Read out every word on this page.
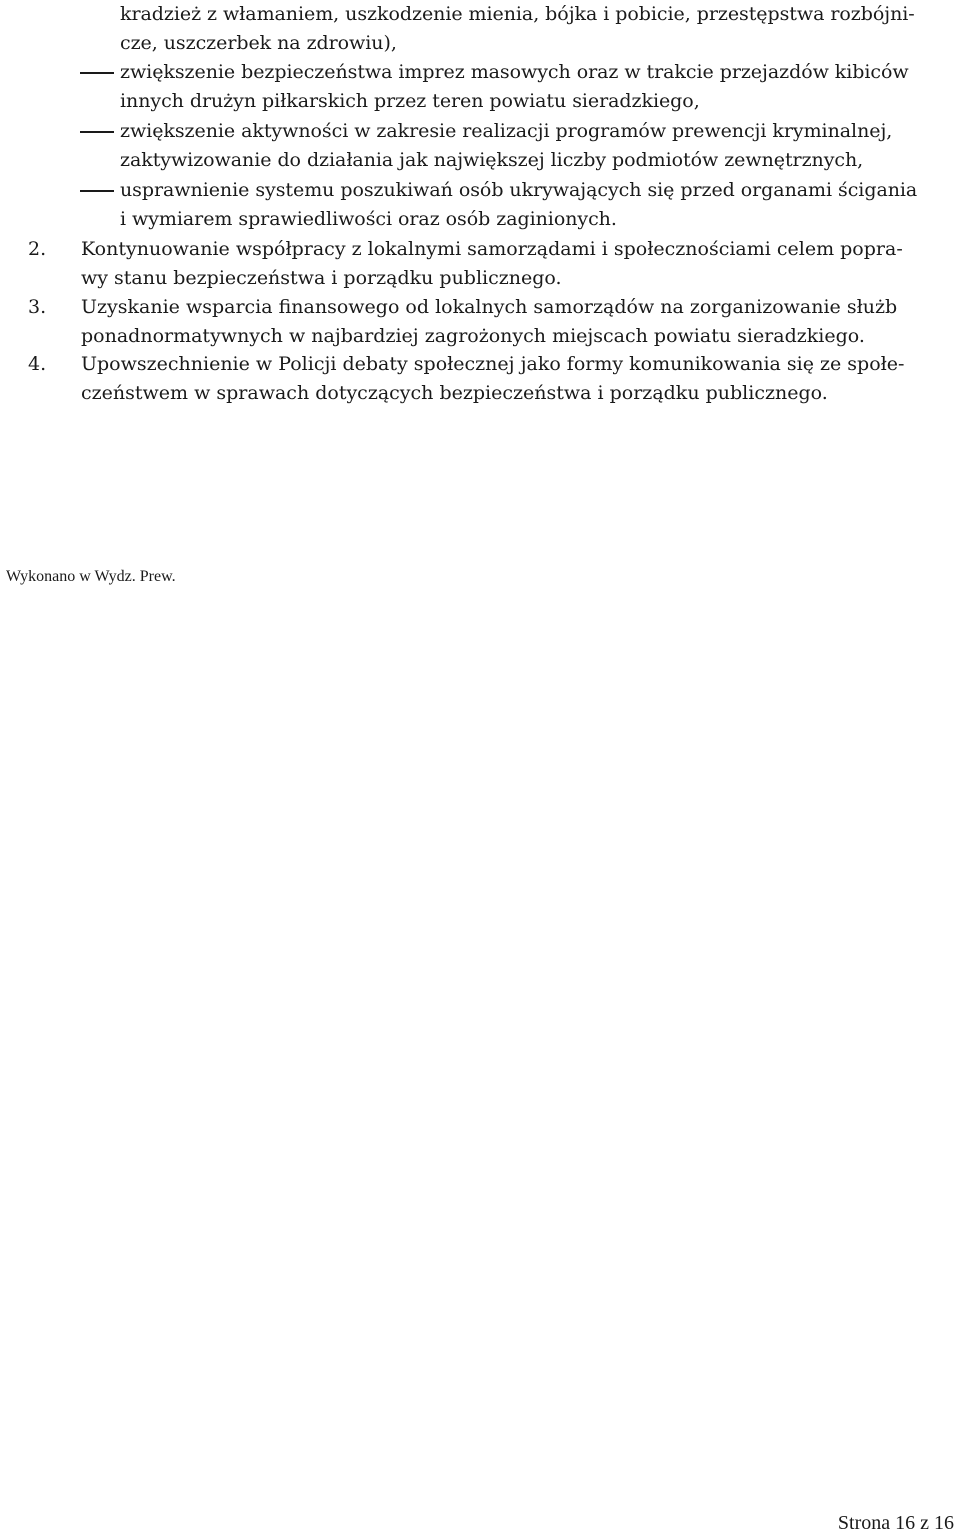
kradzież z włamaniem, uszkodzenie mienia, bójka i pobicie, przestępstwa rozbójni-
cze, uszczerbek na zdrowiu),
zwiększenie bezpieczeństwa imprez masowych oraz w trakcie przejazdów kibiców
innych drużyn piłkarskich przez teren powiatu sieradzkiego,
zwiększenie aktywności w zakresie realizacji programów prewencji kryminalnej,
zaktywizowanie do działania jak największej liczby podmiotów zewnętrznych,
usprawnienie systemu poszukiwań osób ukrywających się przed organami ścigania
i wymiarem sprawiedliwości oraz osób zaginionych.
2. Kontynuowanie współpracy z lokalnymi samorządami i społecznościami celem popra-
wy stanu bezpieczeństwa i porządku publicznego.
3. Uzyskanie wsparcia finansowego od lokalnych samorządów na zorganizowanie służb
ponadnormatywnych w najbardziej zagrożonych miejscach powiatu sieradzkiego.
4. Upowszechnienie w Policji debaty społecznej jako formy komunikowania się ze społe-
czeństwem w sprawach dotyczących bezpieczeństwa i porządku publicznego.
Wykonano w Wydz. Prew.
Strona 16 z 16
